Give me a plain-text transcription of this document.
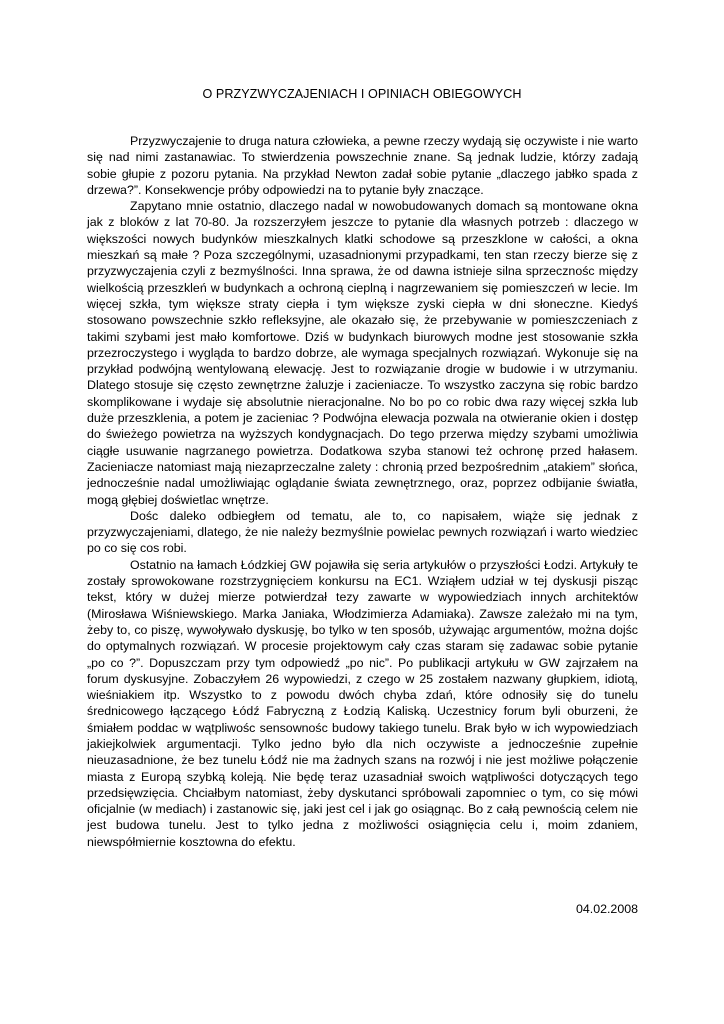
O PRZYZWYCZAJENIACH I OPINIACH OBIEGOWYCH

Przyzwyczajenie to druga natura człowieka, a pewne rzeczy wydają się oczywiste i nie warto się nad nimi zastanawiac. To stwierdzenia powszechnie znane. Są jednak ludzie, którzy zadają sobie głupie z pozoru pytania. Na przykład Newton zadał sobie pytanie „dlaczego jabłko spada z drzewa?”. Konsekwencje próby odpowiedzi na to pytanie były znaczące.

Zapytano mnie ostatnio, dlaczego nadal w nowobudowanych domach są montowane okna jak z bloków z lat 70-80. Ja rozszerzyłem jeszcze to pytanie dla własnych potrzeb : dlaczego w większości nowych budynków mieszkalnych klatki schodowe są przeszklone w całości, a okna mieszkań są małe ? Poza szczególnymi, uzasadnionymi przypadkami, ten stan rzeczy bierze się z przyzwyczajenia czyli z bezmyślności. Inna sprawa, że od dawna istnieje silna sprzecznośc między wielkością przeszkleń w budynkach a ochroną cieplną i nagrzewaniem się pomieszczeń w lecie. Im więcej szkła, tym większe straty ciepła i tym większe zyski ciepła w dni słoneczne. Kiedyś stosowano powszechnie szkło refleksyjne, ale okazało się, że przebywanie w pomieszczeniach z takimi szybami jest mało komfortowe. Dziś w budynkach biurowych modne jest stosowanie szkła przezroczystego i wygląda to bardzo dobrze, ale wymaga specjalnych rozwiązań. Wykonuje się na przykład podwójną wentylowaną elewację. Jest to rozwiązanie drogie w budowie i w utrzymaniu. Dlatego stosuje się często zewnętrzne żaluzje i zacieniacze. To wszystko zaczyna się robic bardzo skomplikowane i wydaje się absolutnie nieracjonalne. No bo po co robic dwa razy więcej szkła lub duże przeszklenia, a potem je zacieniac ? Podwójna elewacja pozwala na otwieranie okien i dostęp do świeżego powietrza na wyższych kondygnacjach. Do tego przerwa między szybami umożliwia ciągłe usuwanie nagrzanego powietrza. Dodatkowa szyba stanowi też ochronę przed hałasem. Zacieniacze natomiast mają niezaprzeczalne zalety : chronią przed bezpośrednim „atakiem” słońca, jednocześnie nadal umożliwiając oglądanie świata zewnętrznego, oraz, poprzez odbijanie światła, mogą głębiej doświetlac wnętrze.

Dośc daleko odbiegłem od tematu, ale to, co napisałem, wiąże się jednak z przyzwyczajeniami, dlatego, że nie należy bezmyślnie powielac pewnych rozwiązań i warto wiedziec po co się cos robi.

Ostatnio na łamach Łódzkiej GW pojawiła się seria artykułów o przyszłości Łodzi. Artykuły te zostały sprowokowane rozstrzygnięciem konkursu na EC1. Wziąłem udział w tej dyskusji pisząc tekst, który w dużej mierze potwierdzał tezy zawarte w wypowiedziach innych architektów (Mirosława Wiśniewskiego. Marka Janiaka, Włodzimierza Adamiaka). Zawsze zależało mi na tym, żeby to, co piszę, wywoływało dyskusję, bo tylko w ten sposób, używając argumentów, można dojśc do optymalnych rozwiązań. W procesie projektowym cały czas staram się zadawac sobie pytanie „po co ?”. Dopuszczam przy tym odpowiedź „po nic”. Po publikacji artykułu w GW zajrzałem na forum dyskusyjne. Zobaczyłem 26 wypowiedzi, z czego w 25 zostałem nazwany głupkiem, idiotą, wieśniakiem itp. Wszystko to z powodu dwóch chyba zdań, które odnosiły się do tunelu średnicowego łączącego Łódź Fabryczną z Łodzią Kaliską. Uczestnicy forum byli oburzeni, że śmiałem poddac w wątpliwośc sensownośc budowy takiego tunelu. Brak było w ich wypowiedziach jakiejkolwiek argumentacji. Tylko jedno było dla nich oczywiste a jednocześnie zupełnie nieuzasadnione, że bez tunelu Łódź nie ma żadnych szans na rozwój i nie jest możliwe połączenie miasta z Europą szybką koleją. Nie będę teraz uzasadniał swoich wątpliwości dotyczących tego przedsięwzięcia. Chciałbym natomiast, żeby dyskutanci spróbowali zapomniec o tym, co się mówi oficjalnie (w mediach) i zastanowic się, jaki jest cel i jak go osiągnąc. Bo z całą pewnością celem nie jest budowa tunelu. Jest to tylko jedna z możliwości osiągnięcia celu i, moim zdaniem, niewspółmiernie kosztowna do efektu.

04.02.2008
